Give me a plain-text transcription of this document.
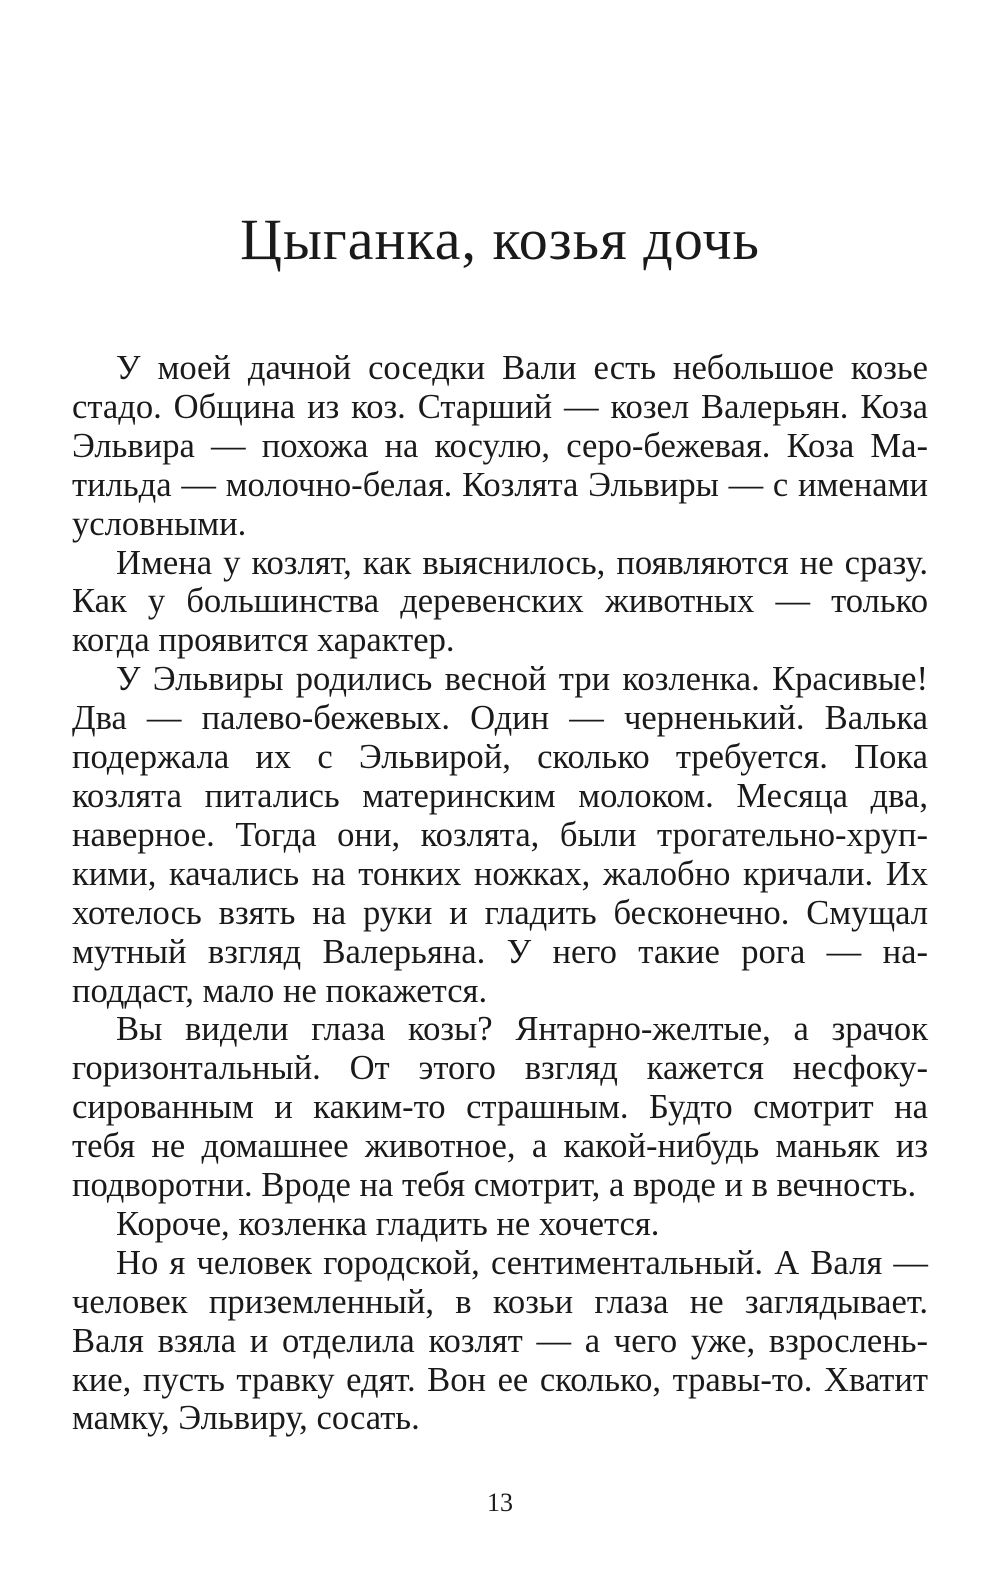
Цыганка, козья дочь

У моей дачной соседки Вали есть небольшое козье стадо. Община из коз. Старший — козел Валерьян. Коза Эльвира — похожа на косулю, серо-бежевая. Коза Матильда — молочно-белая. Козлята Эльвиры — с именами условными.

Имена у козлят, как выяснилось, появляются не сразу. Как у большинства деревенских животных — только когда проявится характер.

У Эльвиры родились весной три козленка. Красивые! Два — палево-бежевых. Один — черненький. Валька подержала их с Эльвирой, сколько требуется. Пока козлята питались материнским молоком. Месяца два, наверное. Тогда они, козлята, были трогательно-хрупкими, качались на тонких ножках, жалобно кричали. Их хотелось взять на руки и гладить бесконечно. Смущал мутный взгляд Валерьяна. У него такие рога — наподдаст, мало не покажется.

Вы видели глаза козы? Янтарно-желтые, а зрачок горизонтальный. От этого взгляд кажется несфокусированным и каким-то страшным. Будто смотрит на тебя не домашнее животное, а какой-нибудь маньяк из подворотни. Вроде на тебя смотрит, а вроде и в вечность.

Короче, козленка гладить не хочется.

Но я человек городской, сентиментальный. А Валя — человек приземленный, в козьи глаза не заглядывает. Валя взяла и отделила козлят — а чего уже, взросленькие, пусть травку едят. Вон ее сколько, травы-то. Хватит мамку, Эльвиру, сосать.

13
